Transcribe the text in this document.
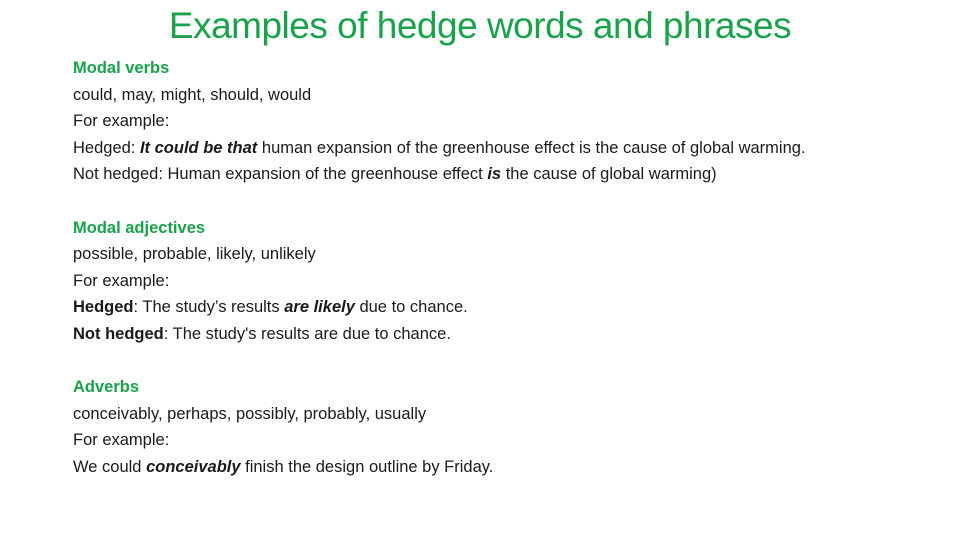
Examples of hedge words and phrases
Modal verbs
could, may, might, should, would
For example:
Hedged: It could be that human expansion of the greenhouse effect is the cause of global warming.
Not hedged: Human expansion of the greenhouse effect is the cause of global warming)
Modal adjectives
possible, probable, likely, unlikely
For example:
Hedged: The study’s results are likely due to chance.
Not hedged: The study's results are due to chance.
Adverbs
conceivably, perhaps, possibly, probably, usually
For example:
We could conceivably finish the design outline by Friday.
